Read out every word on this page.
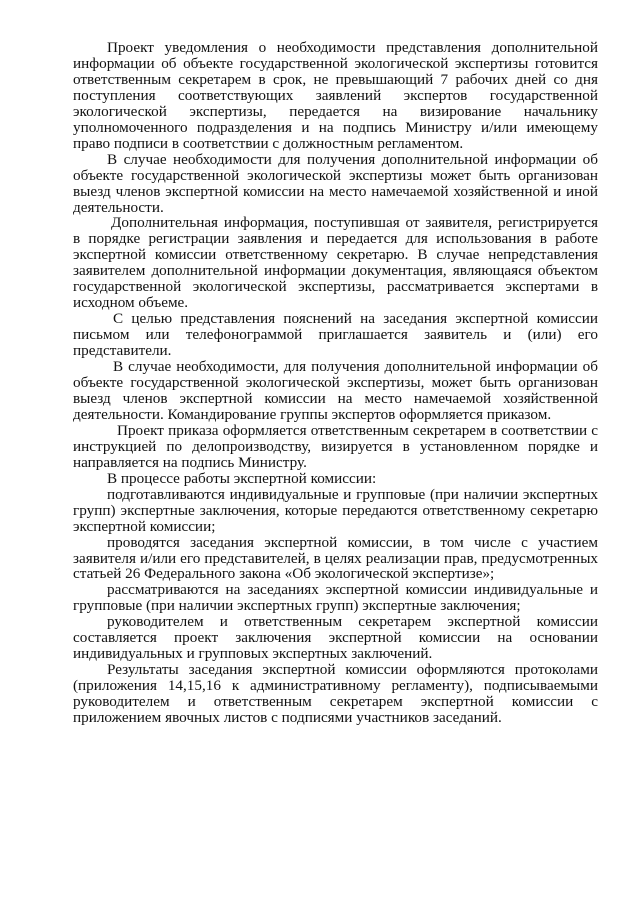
Проект уведомления о необходимости представления дополнительной информации об объекте государственной экологической экспертизы готовится ответственным секретарем в срок, не превышающий 7 рабочих дней со дня поступления соответствующих заявлений экспертов государственной экологической экспертизы, передается на визирование начальнику уполномоченного подразделения и на подпись Министру и/или имеющему право подписи в соответствии с должностным регламентом.

В случае необходимости для получения дополнительной информации об объекте государственной экологической экспертизы может быть организован выезд членов экспертной комиссии на место намечаемой хозяйственной и иной деятельности.

Дополнительная информация, поступившая от заявителя, регистрируется в порядке регистрации заявления и передается для использования в работе экспертной комиссии ответственному секретарю. В случае непредставления заявителем дополнительной информации документация, являющаяся объектом государственной экологической экспертизы, рассматривается экспертами в исходном объеме.

С целью представления пояснений на заседания экспертной комиссии письмом или телефонограммой приглашается заявитель и (или) его представители.

В случае необходимости, для получения дополнительной информации об объекте государственной экологической экспертизы, может быть организован выезд членов экспертной комиссии на место намечаемой хозяйственной деятельности. Командирование группы экспертов оформляется приказом.

Проект приказа оформляется ответственным секретарем в соответствии с инструкцией по делопроизводству, визируется в установленном порядке и направляется на подпись Министру.

В процессе работы экспертной комиссии:

подготавливаются индивидуальные и групповые (при наличии экспертных групп) экспертные заключения, которые передаются ответственному секретарю экспертной комиссии;

проводятся заседания экспертной комиссии, в том числе с участием заявителя и/или его представителей, в целях реализации прав, предусмотренных статьей 26 Федерального закона «Об экологической экспертизе»;

рассматриваются на заседаниях экспертной комиссии индивидуальные и групповые (при наличии экспертных групп) экспертные заключения;

руководителем и ответственным секретарем экспертной комиссии составляется проект заключения экспертной комиссии на основании индивидуальных и групповых экспертных заключений.

Результаты заседания экспертной комиссии оформляются протоколами (приложения 14,15,16 к административному регламенту), подписываемыми руководителем и ответственным секретарем экспертной комиссии с приложением явочных листов с подписями участников заседаний.
